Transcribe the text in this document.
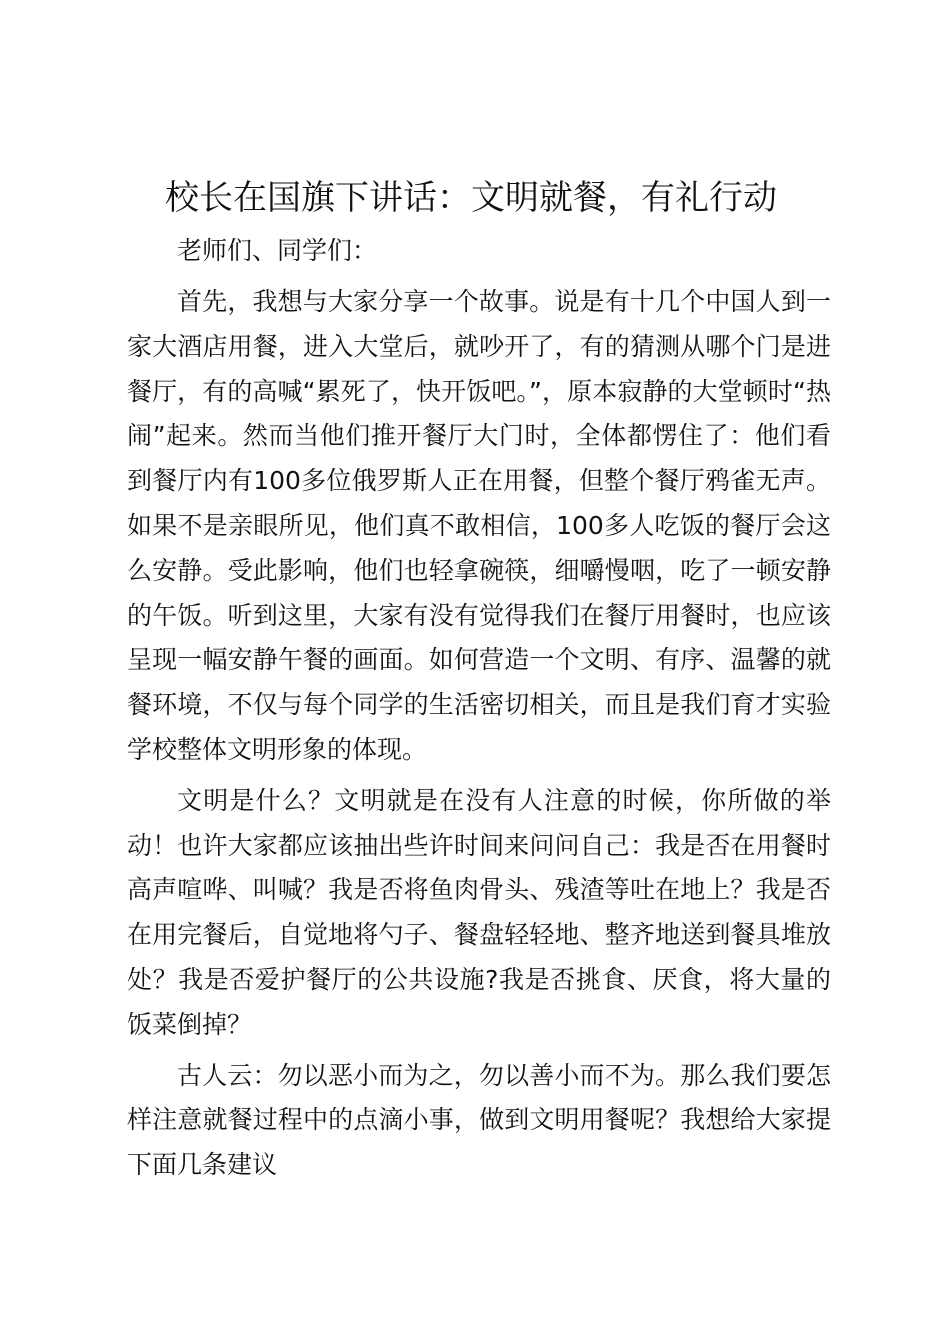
校长在国旗下讲话：文明就餐，有礼行动

老师们、同学们：

首先，我想与大家分享一个故事。说是有十几个中国人到一家大酒店用餐，进入大堂后，就吵开了，有的猜测从哪个门是进餐厅，有的高喊“累死了，快开饭吧。”，原本寂静的大堂顿时“热闹”起来。然而当他们推开餐厅大门时，全体都愣住了：他们看到餐厅内有100多位俄罗斯人正在用餐，但整个餐厅鸦雀无声。如果不是亲眼所见，他们真不敢相信，100多人吃饭的餐厅会这么安静。受此影响，他们也轻拿碗筷，细嚼慢咽，吃了一顿安静的午饭。听到这里，大家有没有觉得我们在餐厅用餐时，也应该呈现一幅安静午餐的画面。如何营造一个文明、有序、温馨的就餐环境，不仅与每个同学的生活密切相关，而且是我们育才实验学校整体文明形象的体现。

文明是什么？文明就是在没有人注意的时候，你所做的举动！也许大家都应该抽出些许时间来问问自己：我是否在用餐时高声喧哗、叫喊？我是否将鱼肉骨头、残渣等吐在地上？我是否在用完餐后，自觉地将勺子、餐盘轻轻地、整齐地送到餐具堆放处？我是否爱护餐厅的公共设施?我是否挑食、厌食，将大量的饭菜倒掉？

古人云：勿以恶小而为之，勿以善小而不为。那么我们要怎样注意就餐过程中的点滴小事，做到文明用餐呢？我想给大家提下面几条建议
